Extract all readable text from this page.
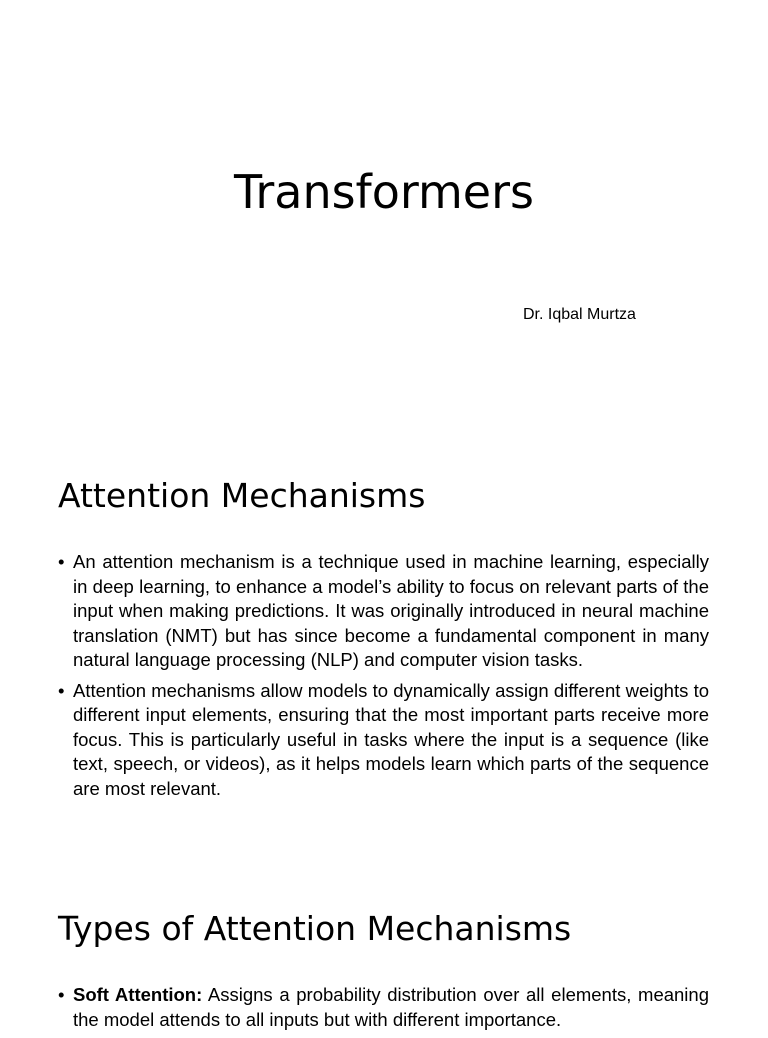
Transformers
Dr. Iqbal Murtza
Attention Mechanisms
• An attention mechanism is a technique used in machine learning, especially in deep learning, to enhance a model’s ability to focus on relevant parts of the input when making predictions. It was originally introduced in neural machine translation (NMT) but has since become a fundamental component in many natural language processing (NLP) and computer vision tasks.
• Attention mechanisms allow models to dynamically assign different weights to different input elements, ensuring that the most important parts receive more focus. This is particularly useful in tasks where the input is a sequence (like text, speech, or videos), as it helps models learn which parts of the sequence are most relevant.
Types of Attention Mechanisms
• Soft Attention: Assigns a probability distribution over all elements, meaning the model attends to all inputs but with different importance.
